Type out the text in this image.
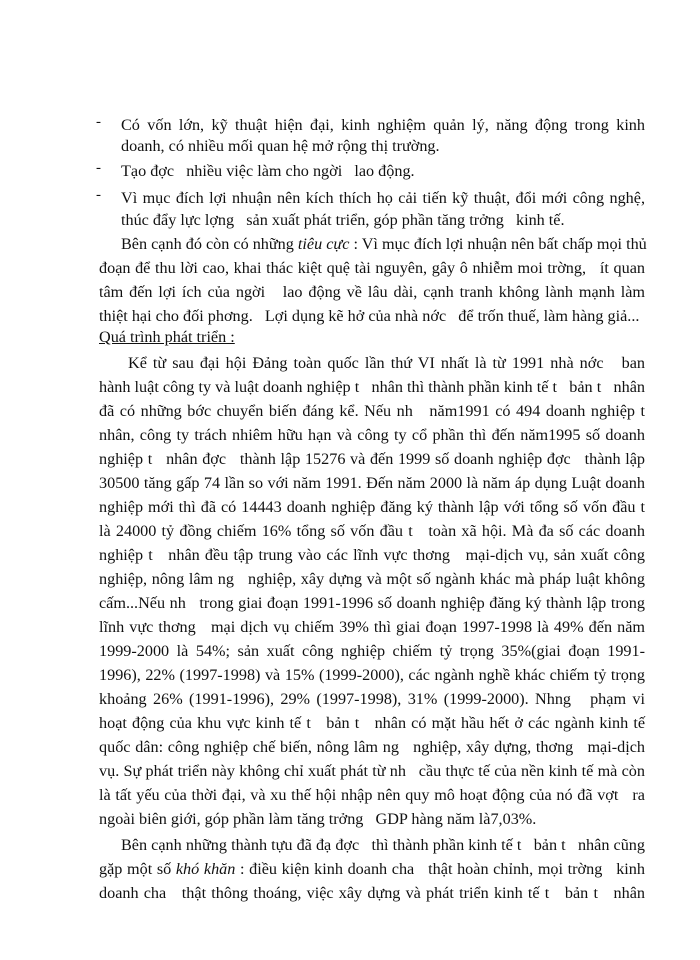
- Có vốn lớn, kỹ thuật hiện đại, kinh nghiệm quản lý, năng động trong kinh
doanh, có nhiều mối quan hệ mở rộng thị trường.
- Tạo đợc   nhiều việc làm cho ngời   lao động.
- Vì mục đích lợi nhuận nên kích thích họ cải tiến kỹ thuật, đổi mới công nghệ,
thúc đẩy lực lợng   sản xuất phát triển, góp phần tăng trởng   kinh tế.
Bên cạnh đó còn có những tiêu cực : Vì mục đích lợi nhuận nên bất chấp mọi thủ
đoạn để thu lời cao, khai thác kiệt quệ tài nguyên, gây ô nhiễm moi trờng,   ít quan
tâm đến lợi ích của ngời   lao động về lâu dài, cạnh tranh không lành mạnh làm
thiệt hại cho đối phơng.   Lợi dụng kẽ hở của nhà nớc   để trốn thuế, làm hàng giả...
Quá trình phát triển :
Kể từ sau đại hội Đảng toàn quốc lần thứ VI nhất là từ 1991 nhà nớc   ban
hành luật công ty và luật doanh nghiệp t   nhân thì thành phần kinh tế t   bản t   nhân
đã có những bớc chuyển biến đáng kể. Nếu nh   năm1991 có 494 doanh nghiệp t
nhân, công ty trách nhiêm hữu hạn và công ty cổ phần thì đến năm1995 số doanh
nghiệp t   nhân đợc   thành lập 15276 và đến 1999 số doanh nghiệp đợc   thành lập
30500 tăng gấp 74 lần so với năm 1991. Đến năm 2000 là năm áp dụng Luật doanh
nghiệp mới thì đã có 14443 doanh nghiệp đăng ký thành lập với tổng số vốn đầu t
là 24000 tỷ đồng chiếm 16% tổng số vốn đầu t   toàn xã hội. Mà đa số các doanh
nghiệp t   nhân đều tập trung vào các lĩnh vực thơng   mại-dịch vụ, sản xuất công
nghiệp, nông lâm ng   nghiệp, xây dựng và một số ngành khác mà pháp luật không
cấm...Nếu nh   trong giai đoạn 1991-1996 số doanh nghiệp đăng ký thành lập trong
lĩnh vực thơng   mại dịch vụ chiếm 39% thì giai đoạn 1997-1998 là 49% đến năm
1999-2000 là 54%; sản xuất công nghiệp chiếm tỷ trọng 35%(giai đoạn 1991-
1996), 22% (1997-1998) và 15% (1999-2000), các ngành nghề khác chiếm tỷ trọng
khoảng 26% (1991-1996), 29% (1997-1998), 31% (1999-2000). Nhng   phạm vi
hoạt động của khu vực kinh tế t   bản t   nhân có mặt hầu hết ở các ngành kinh tế
quốc dân: công nghiệp chế biến, nông lâm ng   nghiệp, xây dựng, thơng   mại-dịch
vụ. Sự phát triển này không chỉ xuất phát từ nh   cầu thực tế của nền kinh tế mà còn
là tất yếu của thời đại, và xu thế hội nhập nên quy mô hoạt động của nó đã vợt   ra
ngoài biên giới, góp phần làm tăng trởng   GDP hàng năm là7,03%.
Bên cạnh những thành tựu đã đạ đợc   thì thành phần kinh tế t   bản t   nhân cũng
gặp một số khó khăn : điều kiện kinh doanh cha   thật hoàn chỉnh, mọi trờng   kinh
doanh cha   thật thông thoáng, việc xây dựng và phát triển kinh tế t   bản t   nhân
